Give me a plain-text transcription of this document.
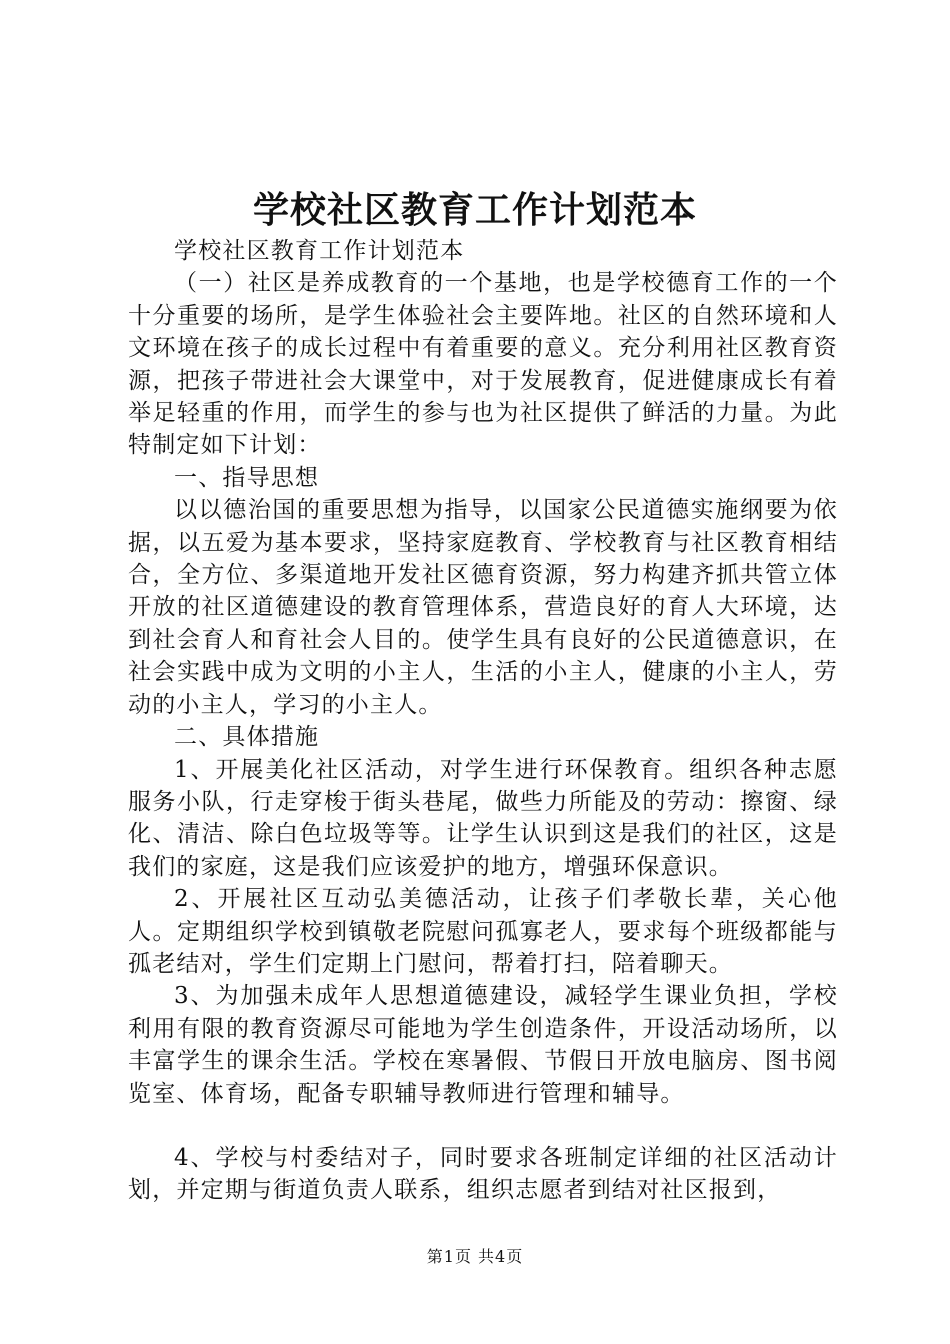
学校社区教育工作计划范本

学校社区教育工作计划范本

（一）社区是养成教育的一个基地，也是学校德育工作的一个十分重要的场所，是学生体验社会主要阵地。社区的自然环境和人文环境在孩子的成长过程中有着重要的意义。充分利用社区教育资源，把孩子带进社会大课堂中，对于发展教育，促进健康成长有着举足轻重的作用，而学生的参与也为社区提供了鲜活的力量。为此特制定如下计划：

一、指导思想

以以德治国的重要思想为指导，以国家公民道德实施纲要为依据，以五爱为基本要求，坚持家庭教育、学校教育与社区教育相结合，全方位、多渠道地开发社区德育资源，努力构建齐抓共管立体开放的社区道德建设的教育管理体系，营造良好的育人大环境，达到社会育人和育社会人目的。使学生具有良好的公民道德意识，在社会实践中成为文明的小主人，生活的小主人，健康的小主人，劳动的小主人，学习的小主人。

二、具体措施

1、开展美化社区活动，对学生进行环保教育。组织各种志愿服务小队，行走穿梭于街头巷尾，做些力所能及的劳动：擦窗、绿化、清洁、除白色垃圾等等。让学生认识到这是我们的社区，这是我们的家庭，这是我们应该爱护的地方，增强环保意识。

2、开展社区互动弘美德活动，让孩子们孝敬长辈，关心他人。定期组织学校到镇敬老院慰问孤寡老人，要求每个班级都能与孤老结对，学生们定期上门慰问，帮着打扫，陪着聊天。

3、为加强未成年人思想道德建设，减轻学生课业负担，学校利用有限的教育资源尽可能地为学生创造条件，开设活动场所，以丰富学生的课余生活。学校在寒暑假、节假日开放电脑房、图书阅览室、体育场，配备专职辅导教师进行管理和辅导。

4、学校与村委结对子，同时要求各班制定详细的社区活动计划，并定期与街道负责人联系，组织志愿者到结对社区报到，

第1页 共4页
